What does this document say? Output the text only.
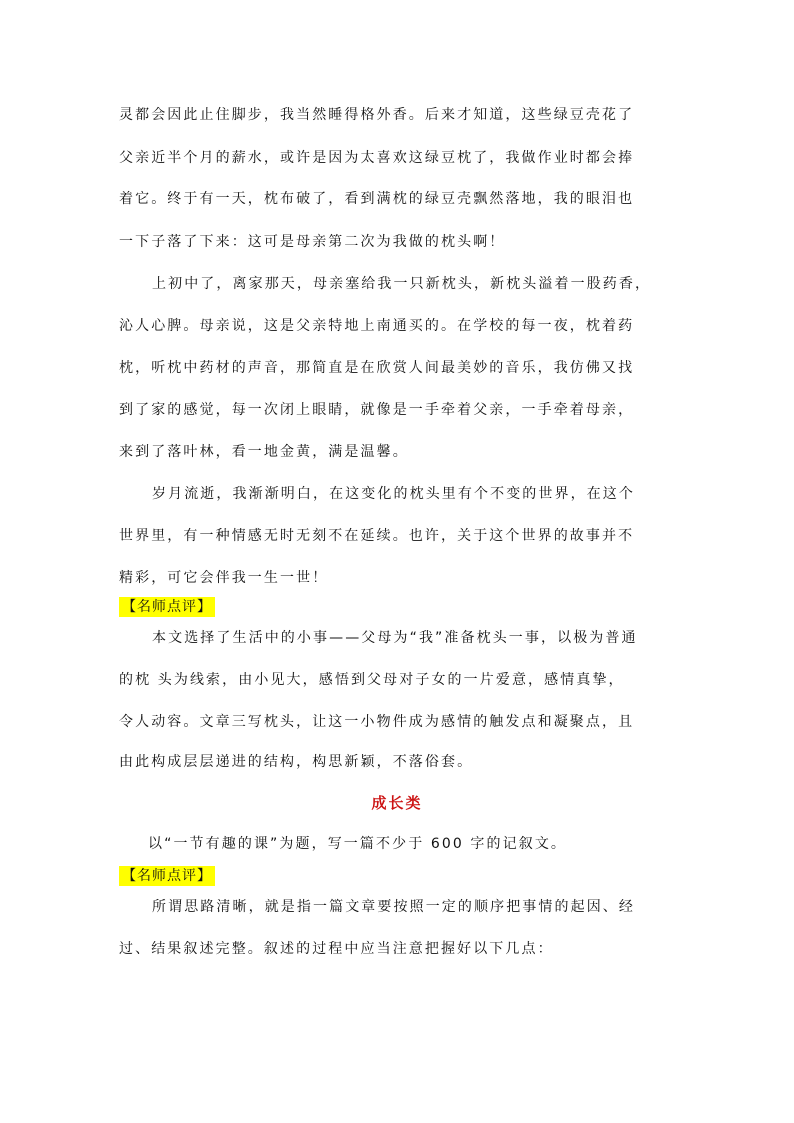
灵都会因此止住脚步，我当然睡得格外香。后来才知道，这些绿豆壳花了
父亲近半个月的薪水，或许是因为太喜欢这绿豆枕了，我做作业时都会捧
着它。终于有一天，枕布破了，看到满枕的绿豆壳飘然落地，我的眼泪也
一下子落了下来：这可是母亲第二次为我做的枕头啊！
上初中了，离家那天，母亲塞给我一只新枕头，新枕头溢着一股药香，
沁人心脾。母亲说，这是父亲特地上南通买的。在学校的每一夜，枕着药
枕，听枕中药材的声音，那简直是在欣赏人间最美妙的音乐，我仿佛又找
到了家的感觉，每一次闭上眼睛，就像是一手牵着父亲，一手牵着母亲，
来到了落叶林，看一地金黄，满是温馨。
岁月流逝，我渐渐明白，在这变化的枕头里有个不变的世界，在这个
世界里，有一种情感无时无刻不在延续。也许，关于这个世界的故事并不
精彩，可它会伴我一生一世！
【名师点评】
本文选择了生活中的小事——父母为“我”准备枕头一事，以极为普通
的枕 头为线索，由小见大，感悟到父母对子女的一片爱意，感情真挚，
令人动容。文章三写枕头，让这一小物件成为感情的触发点和凝聚点，且
由此构成层层递进的结构，构思新颖，不落俗套。
成长类
以“一节有趣的课”为题，写一篇不少于 600 字的记叙文。
【名师点评】
所谓思路清晰，就是指一篇文章要按照一定的顺序把事情的起因、经
过、结果叙述完整。叙述的过程中应当注意把握好以下几点：
